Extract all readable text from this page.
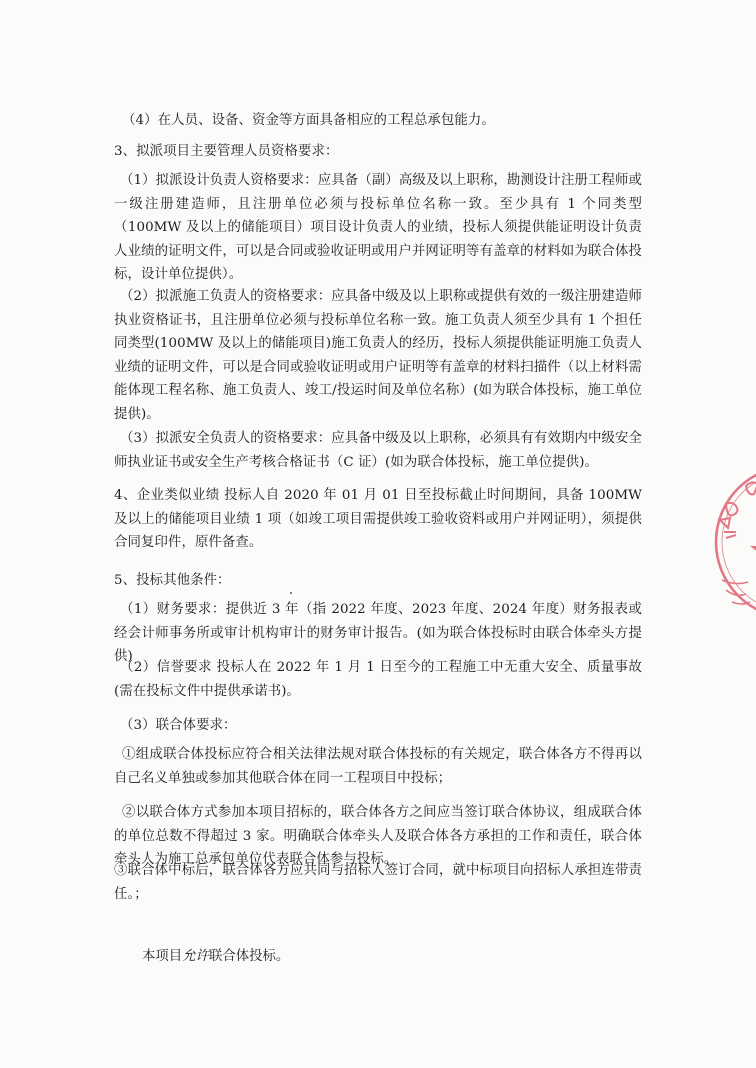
（4）在人员、设备、资金等方面具备相应的工程总承包能力。

3、拟派项目主要管理人员资格要求：

（1）拟派设计负责人资格要求：应具备（副）高级及以上职称，勘测设计注册工程师或一级注册建造师，且注册单位必须与投标单位名称一致。至少具有 1 个同类型（100MW 及以上的储能项目）项目设计负责人的业绩，投标人须提供能证明设计负责人业绩的证明文件，可以是合同或验收证明或用户并网证明等有盖章的材料如为联合体投标，设计单位提供）。

（2）拟派施工负责人的资格要求：应具备中级及以上职称或提供有效的一级注册建造师执业资格证书，且注册单位必须与投标单位名称一致。施工负责人须至少具有 1 个担任同类型(100MW 及以上的储能项目)施工负责人的经历，投标人须提供能证明施工负责人业绩的证明文件，可以是合同或验收证明或用户证明等有盖章的材料扫描件（以上材料需能体现工程名称、施工负责人、竣工/投运时间及单位名称）(如为联合体投标，施工单位提供)。

（3）拟派安全负责人的资格要求：应具备中级及以上职称，必须具有有效期内中级安全师执业证书或安全生产考核合格证书（C 证）(如为联合体投标，施工单位提供)。

4、企业类似业绩 投标人自 2020 年 01 月 01 日至投标截止时间期间，具备 100MW 及以上的储能项目业绩 1 项（如竣工项目需提供竣工验收资料或用户并网证明），须提供合同复印件，原件备查。

5、投标其他条件：

（1）财务要求：提供近 3 年（指 2022 年度、2023 年度、2024 年度）财务报表或经会计师事务所或审计机构审计的财务审计报告。(如为联合体投标时由联合体牵头方提供)

（2）信誉要求 投标人在 2022 年 1 月 1 日至今的工程施工中无重大安全、质量事故(需在投标文件中提供承诺书)。

（3）联合体要求：

①组成联合体投标应符合相关法律法规对联合体投标的有关规定，联合体各方不得再以自己名义单独或参加其他联合体在同一工程项目中投标；

②以联合体方式参加本项目招标的，联合体各方之间应当签订联合体协议，组成联合体的单位总数不得超过 3 家。明确联合体牵头人及联合体各方承担的工作和责任，联合体牵头人为施工总承包单位代表联合体参与投标。

③联合体中标后，联合体各方应共同与招标人签订合同，就中标项目向招标人承担连带责任。；

本项目允许联合体投标。
